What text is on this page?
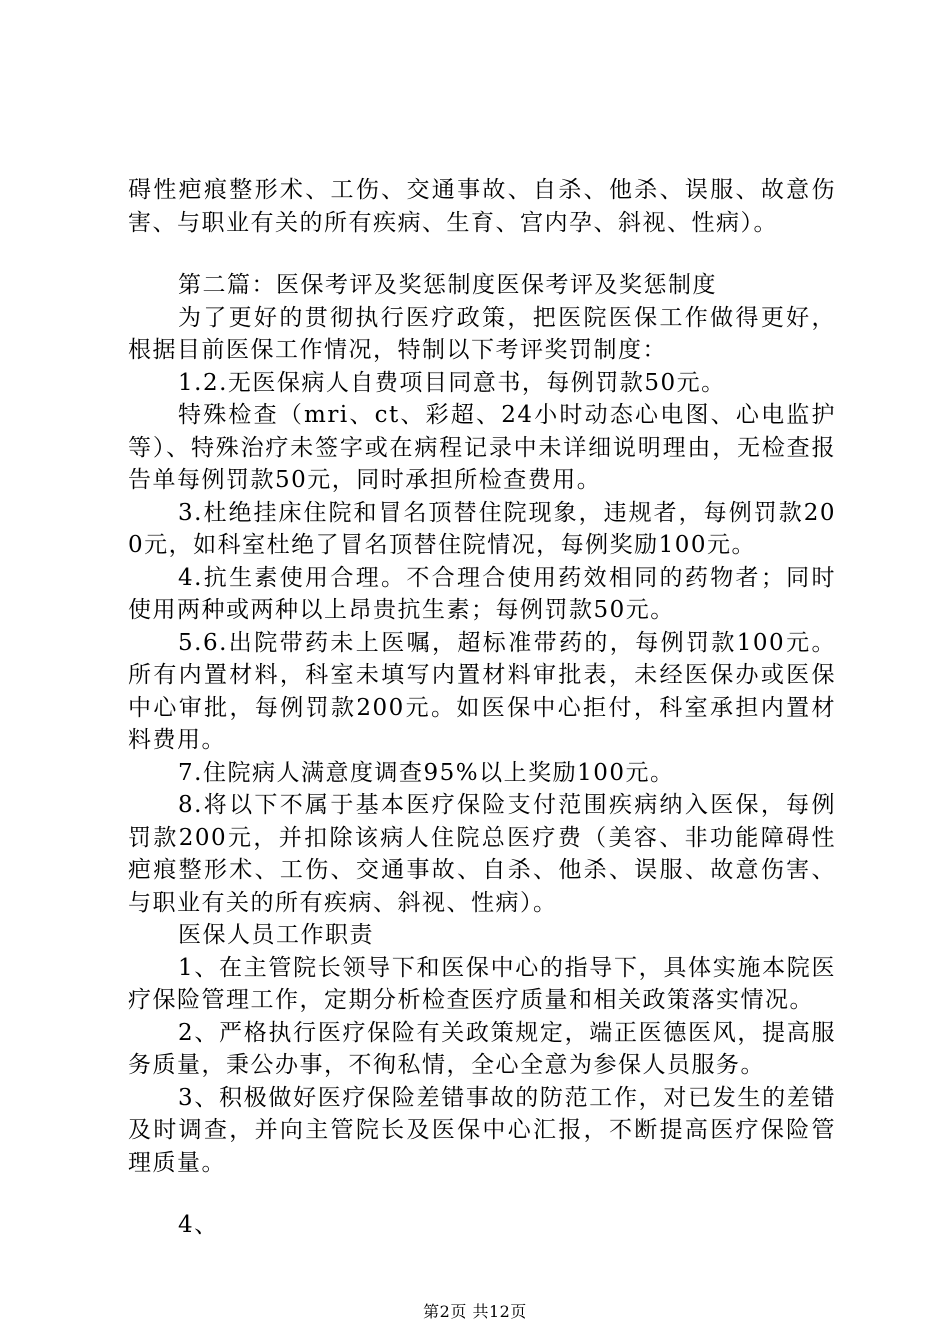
碍性疤痕整形术、工伤、交通事故、自杀、他杀、误服、故意伤害、与职业有关的所有疾病、生育、宫内孕、斜视、性病）。

第二篇：医保考评及奖惩制度医保考评及奖惩制度

为了更好的贯彻执行医疗政策，把医院医保工作做得更好，根据目前医保工作情况，特制以下考评奖罚制度：

1.2.无医保病人自费项目同意书，每例罚款50元。

特殊检查（mri、ct、彩超、24小时动态心电图、心电监护等）、特殊治疗未签字或在病程记录中未详细说明理由，无检查报告单每例罚款50元，同时承担所检查费用。

3.杜绝挂床住院和冒名顶替住院现象，违规者，每例罚款200元，如科室杜绝了冒名顶替住院情况，每例奖励100元。

4.抗生素使用合理。不合理合使用药效相同的药物者；同时使用两种或两种以上昂贵抗生素；每例罚款50元。

5.6.出院带药未上医嘱，超标准带药的，每例罚款100元。所有内置材料，科室未填写内置材料审批表，未经医保办或医保中心审批，每例罚款200元。如医保中心拒付，科室承担内置材料费用。

7.住院病人满意度调查95%以上奖励100元。

8.将以下不属于基本医疗保险支付范围疾病纳入医保，每例罚款200元，并扣除该病人住院总医疗费（美容、非功能障碍性疤痕整形术、工伤、交通事故、自杀、他杀、误服、故意伤害、与职业有关的所有疾病、斜视、性病）。

医保人员工作职责

1、在主管院长领导下和医保中心的指导下，具体实施本院医疗保险管理工作，定期分析检查医疗质量和相关政策落实情况。

2、严格执行医疗保险有关政策规定，端正医德医风，提高服务质量，秉公办事，不徇私情，全心全意为参保人员服务。

3、积极做好医疗保险差错事故的防范工作，对已发生的差错及时调查，并向主管院长及医保中心汇报，不断提高医疗保险管理质量。

4、

第2页 共12页
